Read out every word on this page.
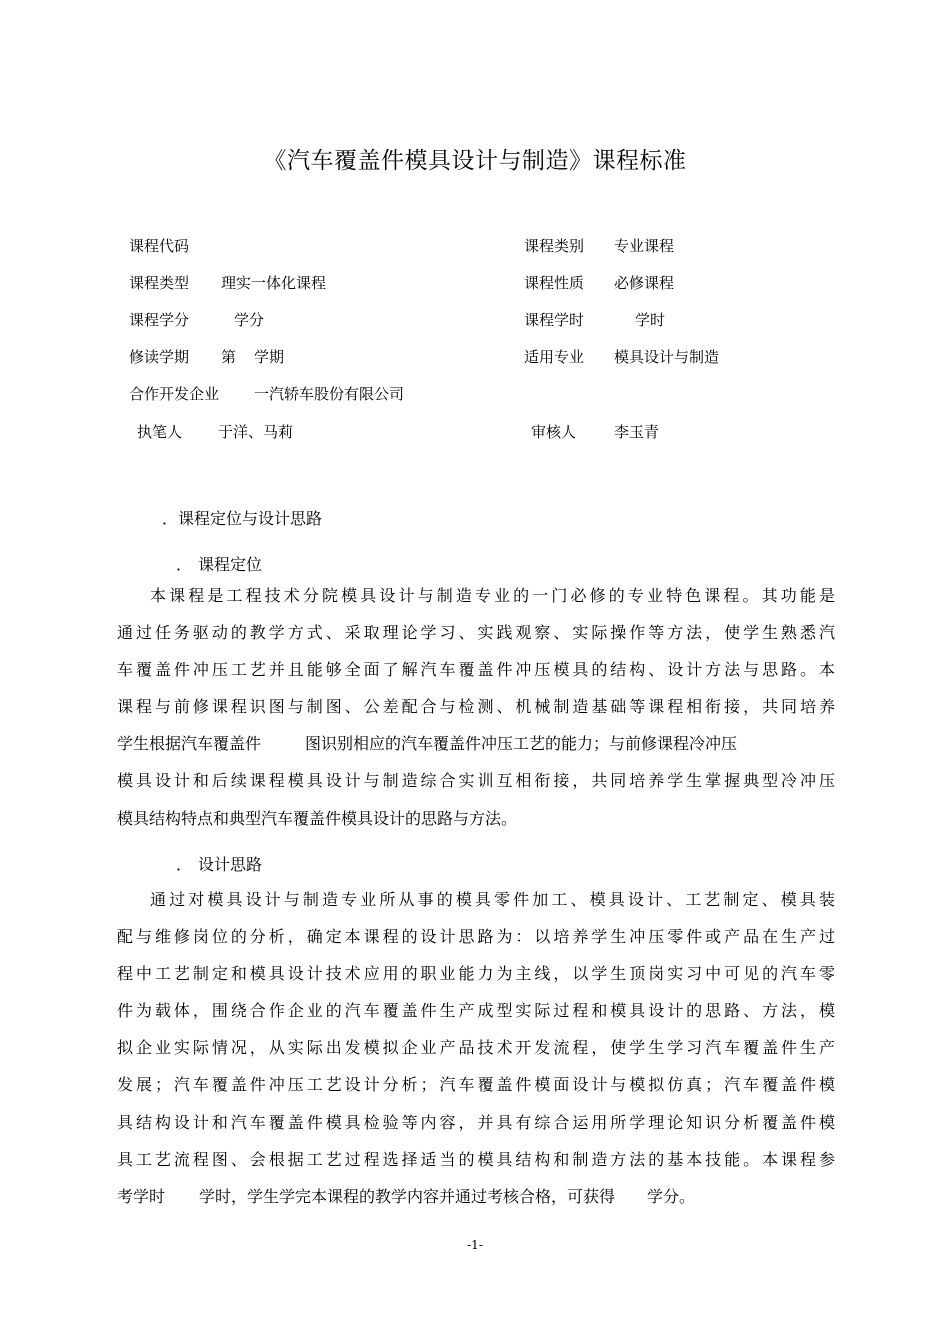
《汽车覆盖件模具设计与制造》课程标准
课程代码	课程类别 专业课程
课程类型 理实一体化课程	课程性质 必修课程
课程学分	学分	课程学时	学时
修读学期 第 学期	适用专业 模具设计与制造
合作开发企业 一汽轿车股份有限公司
执笔人 于洋、马莉	审核人	李玉青
．课程定位与设计思路
． 课程定位
本课程是工程技术分院模具设计与制造专业的一门必修的专业特色课程。其功能是
通过任务驱动的教学方式、采取理论学习、实践观察、实际操作等方法，使学生熟悉汽
车覆盖件冲压工艺并且能够全面了解汽车覆盖件冲压模具的结构、设计方法与思路。本
课程与前修课程识图与制图、公差配合与检测、机械制造基础等课程相衔接，共同培养
学生根据汽车覆盖件	图识别相应的汽车覆盖件冲压工艺的能力；与前修课程冷冲压
模具设计和后续课程模具设计与制造综合实训互相衔接，共同培养学生掌握典型冷冲压
模具结构特点和典型汽车覆盖件模具设计的思路与方法。
． 设计思路
通过对模具设计与制造专业所从事的模具零件加工、模具设计、工艺制定、模具装
配与维修岗位的分析，确定本课程的设计思路为：以培养学生冲压零件或产品在生产过
程中工艺制定和模具设计技术应用的职业能力为主线，以学生顶岗实习中可见的汽车零
件为载体，围绕合作企业的汽车覆盖件生产成型实际过程和模具设计的思路、方法，模
拟企业实际情况，从实际出发模拟企业产品技术开发流程，使学生学习汽车覆盖件生产
发展；汽车覆盖件冲压工艺设计分析；汽车覆盖件模面设计与模拟仿真；汽车覆盖件模
具结构设计和汽车覆盖件模具检验等内容，并具有综合运用所学理论知识分析覆盖件模
具工艺流程图、会根据工艺过程选择适当的模具结构和制造方法的基本技能。本课程参
考学时 学时，学生学完本课程的教学内容并通过考核合格，可获得 学分。
-1-
